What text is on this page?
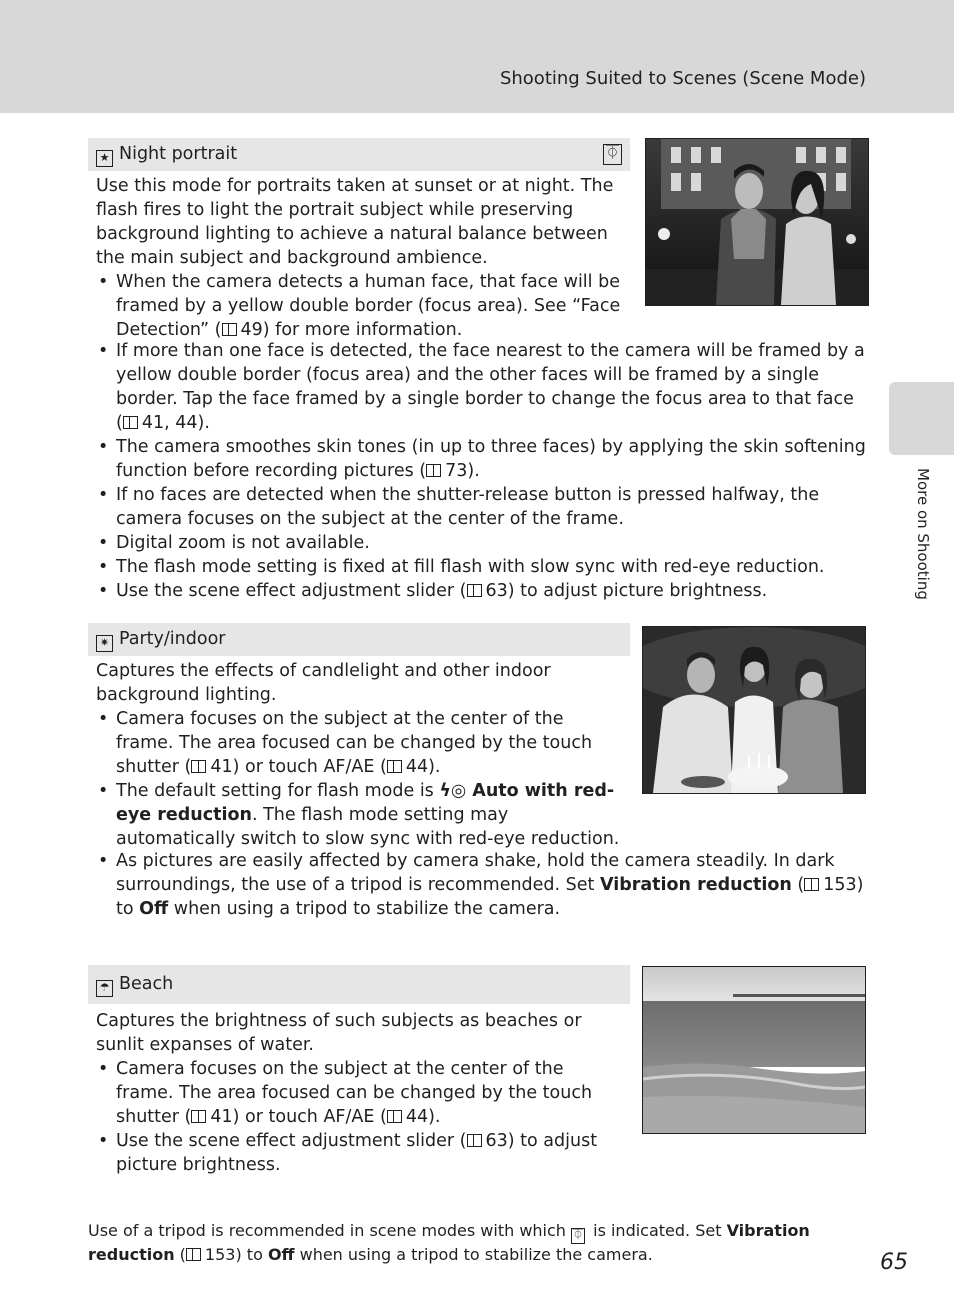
Shooting Suited to Scenes (Scene Mode)
More on Shooting
★ Night portrait	⏁

Use this mode for portraits taken at sunset or at night. The flash fires to light the portrait subject while preserving background lighting to achieve a natural balance between the main subject and background ambience.

• When the camera detects a human face, that face will be framed by a yellow double border (focus area). See “Face Detection” ( 49) for more information.
• If more than one face is detected, the face nearest to the camera will be framed by a yellow double border (focus area) and the other faces will be framed by a single border. Tap the face framed by a single border to change the focus area to that face ( 41, 44).
• The camera smoothes skin tones (in up to three faces) by applying the skin softening function before recording pictures ( 73).
• If no faces are detected when the shutter-release button is pressed halfway, the camera focuses on the subject at the center of the frame.
• Digital zoom is not available.
• The flash mode setting is fixed at fill flash with slow sync with red-eye reduction.
• Use the scene effect adjustment slider ( 63) to adjust picture brightness.
✷ Party/indoor

Captures the effects of candlelight and other indoor background lighting.

• Camera focuses on the subject at the center of the frame. The area focused can be changed by the touch shutter ( 41) or touch AF/AE ( 44).
• The default setting for flash mode is ϟ◎ Auto with red-eye reduction. The flash mode setting may automatically switch to slow sync with red-eye reduction.
• As pictures are easily affected by camera shake, hold the camera steadily. In dark surroundings, the use of a tripod is recommended. Set Vibration reduction ( 153) to Off when using a tripod to stabilize the camera.
☂ Beach

Captures the brightness of such subjects as beaches or sunlit expanses of water.

• Camera focuses on the subject at the center of the frame. The area focused can be changed by the touch shutter ( 41) or touch AF/AE ( 44).
• Use the scene effect adjustment slider ( 63) to adjust picture brightness.
Use of a tripod is recommended in scene modes with which ⏁ is indicated. Set Vibration reduction ( 153) to Off when using a tripod to stabilize the camera.	65
